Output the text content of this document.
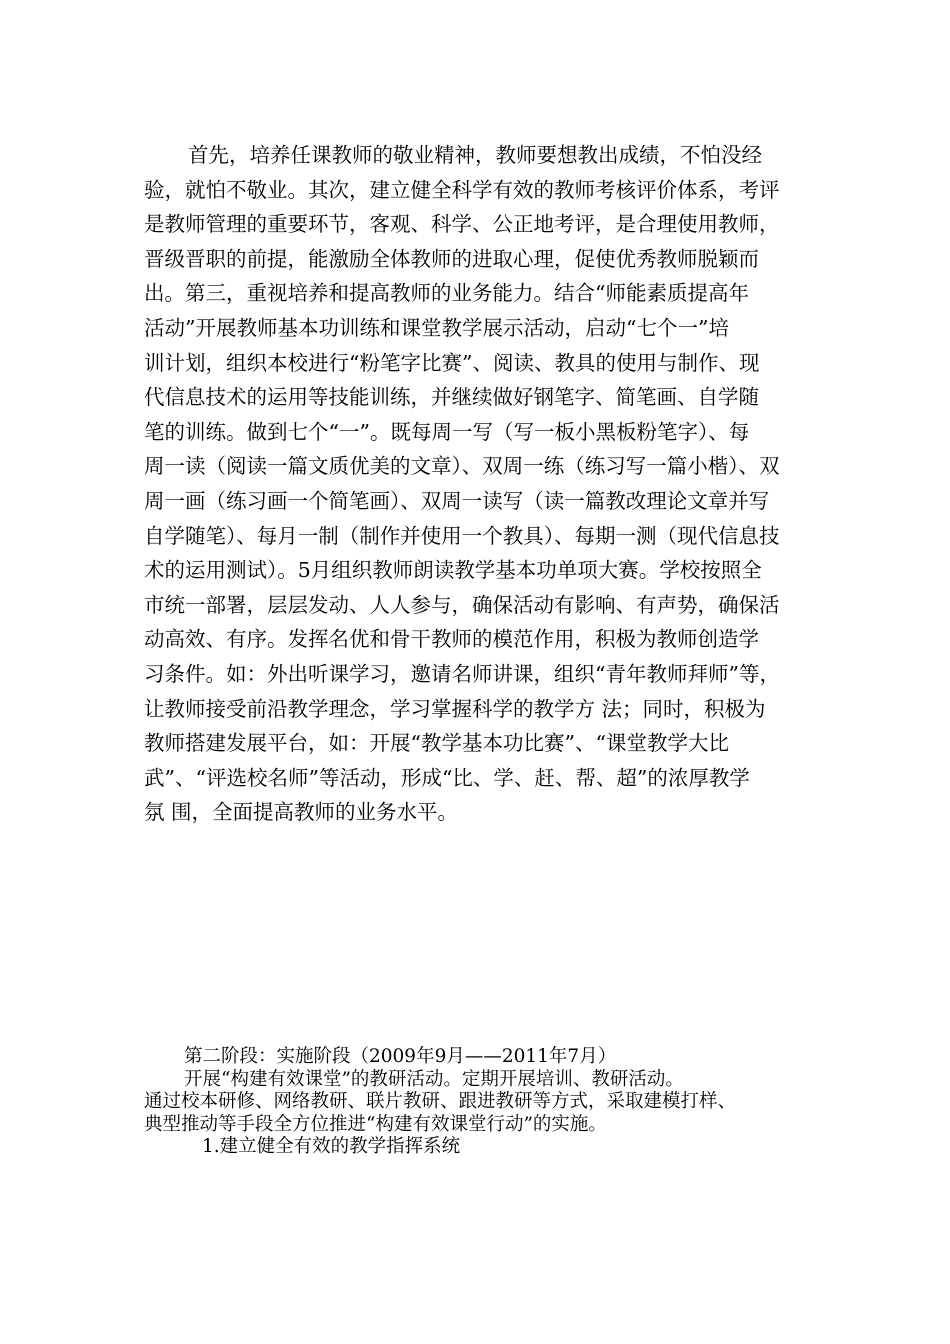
首先，培养任课教师的敬业精神，教师要想教出成绩，不怕没经
验，就怕不敬业。其次，建立健全科学有效的教师考核评价体系，考评
是教师管理的重要环节，客观、科学、公正地考评，是合理使用教师，
晋级晋职的前提，能激励全体教师的进取心理，促使优秀教师脱颖而
出。第三，重视培养和提高教师的业务能力。结合“师能素质提高年
活动”开展教师基本功训练和课堂教学展示活动，启动“七个一”培
训计划，组织本校进行“粉笔字比赛”、阅读、教具的使用与制作、现
代信息技术的运用等技能训练，并继续做好钢笔字、简笔画、自学随
笔的训练。做到七个“一”。既每周一写（写一板小黑板粉笔字）、每
周一读（阅读一篇文质优美的文章）、双周一练（练习写一篇小楷）、双
周一画（练习画一个简笔画）、双周一读写（读一篇教改理论文章并写
自学随笔）、每月一制（制作并使用一个教具）、每期一测（现代信息技
术的运用测试）。5月组织教师朗读教学基本功单项大赛。学校按照全
市统一部署，层层发动、人人参与，确保活动有影响、有声势，确保活
动高效、有序。发挥名优和骨干教师的模范作用，积极为教师创造学
习条件。如：外出听课学习，邀请名师讲课，组织“青年教师拜师”等，
让教师接受前沿教学理念，学习掌握科学的教学方 法；同时，积极为
教师搭建发展平台，如：开展“教学基本功比赛”、“课堂教学大比
武”、“评选校名师”等活动，形成“比、学、赶、帮、超”的浓厚教学
氛 围，全面提高教师的业务水平。
第二阶段：实施阶段（2009年9月——2011年7月）
开展“构建有效课堂”的教研活动。定期开展培训、教研活动。
通过校本研修、网络教研、联片教研、跟进教研等方式，采取建模打样、
典型推动等手段全方位推进“构建有效课堂行动”的实施。
1.建立健全有效的教学指挥系统
